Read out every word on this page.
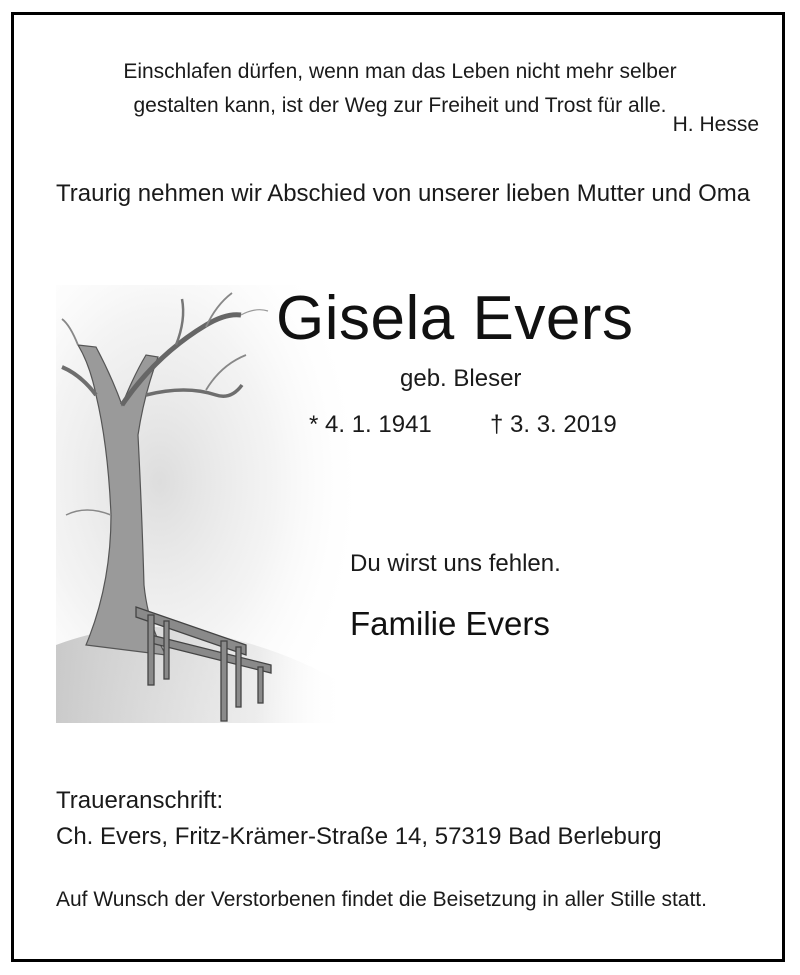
Einschlafen dürfen, wenn man das Leben nicht mehr selber
gestalten kann, ist der Weg zur Freiheit und Trost für alle.
H. Hesse
Traurig nehmen wir Abschied von unserer lieben Mutter und Oma
Gisela Evers
geb. Bleser
* 4. 1. 1941 † 3. 3. 2019
Du wirst uns fehlen.
Familie Evers
Traueranschrift:
Ch. Evers, Fritz-Krämer-Straße 14, 57319 Bad Berleburg
Auf Wunsch der Verstorbenen findet die Beisetzung in aller Stille statt.
